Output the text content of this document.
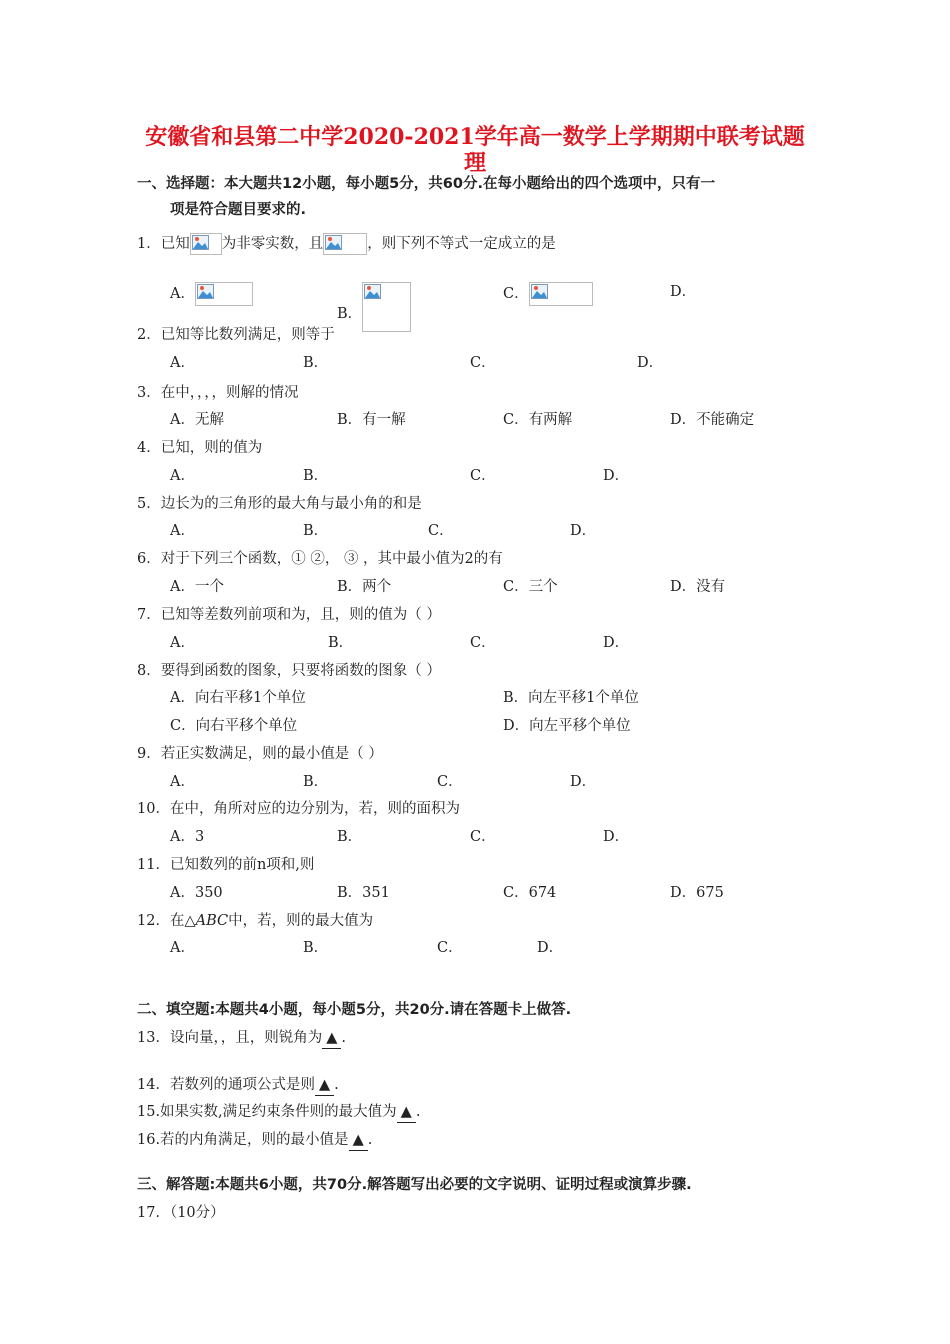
安徽省和县第二中学2020-2021学年高一数学上学期期中联考试题
理
一、选择题：本大题共12小题，每小题5分，共60分.在每小题给出的四个选项中，只有一
项是符合题目要求的.
1．已知 为非零实数，且	，则下列不等式一定成立的是
A．
B．
C．	D．
2．已知等比数列满足，则等于
A．	B．	C．	D．
3．在中，，，，则解的情况
A．无解	B．有一解	C．有两解	D．不能确定
4．已知，则的值为
A．	B．	C．	D．
5．边长为的三角形的最大角与最小角的和是
A．	B．	C．	D．
6．对于下列三个函数，① ②， ③ ，其中最小值为2的有
A．一个	B．两个	C．三个	D．没有
7．已知等差数列前项和为，且，则的值为（ ）
A．	B．	C．	D．
8．要得到函数的图象，只要将函数的图象（ ）
A．向右平移1个单位	B．向左平移1个单位
C．向右平移个单位	D．向左平移个单位
9．若正实数满足，则的最小值是（ ）
A．	B．	C．	D．
10．在中，角所对应的边分别为，若，则的面积为
A．3	B．	C．	D．
11．已知数列的前n项和,则
A．350	B．351	C．674	D．675
12．在△ABC中，若，则的最大值为
A．	B．	C．	D．
二、填空题:本题共4小题，每小题5分，共20分.请在答题卡上做答.
13．设向量，，且，则锐角为 ▲ .
14．若数列的通项公式是则 ▲ .
15.如果实数,满足约束条件则的最大值为 ▲ .
16.若的内角满足，则的最小值是 ▲ .
三、解答题:本题共6小题，共70分.解答题写出必要的文字说明、证明过程或演算步骤.
17．（10分）
